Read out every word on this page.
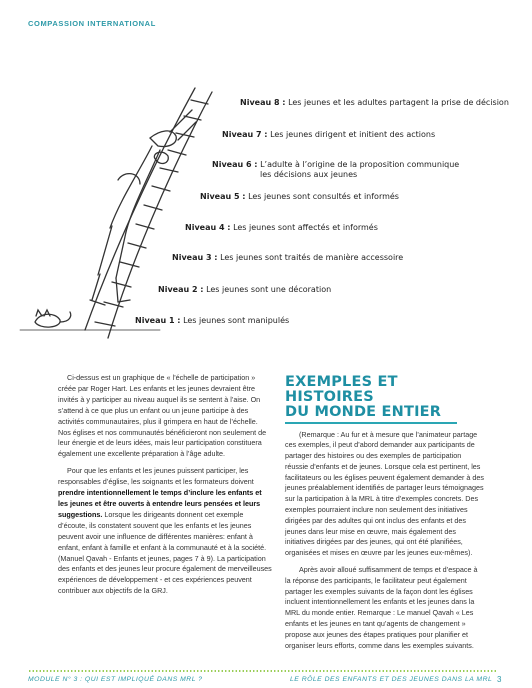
COMPASSION INTERNATIONAL
Niveau 8 : Les jeunes et les adultes partagent la prise de décision
Niveau 7 : Les jeunes dirigent et initient des actions
Niveau 6 : L’adulte à l’origine de la proposition communique
les décisions aux jeunes
Niveau 5 : Les jeunes sont consultés et informés
Niveau 4 : Les jeunes sont affectés et informés
Niveau 3 : Les jeunes sont traités de manière accessoire
Niveau 2 : Les jeunes sont une décoration
Niveau 1 : Les jeunes sont manipulés

Ci-dessus est un graphique de « l’échelle de participation » créée par Roger Hart. Les enfants et les jeunes devraient être invités à y participer au niveau auquel ils se sentent à l’aise. On s’attend à ce que plus un enfant ou un jeune participe à des activités communautaires, plus il grimpera en haut de l’échelle. Nos églises et nos communautés bénéficieront non seulement de leur énergie et de leurs idées, mais leur participation constituera également une excellente préparation à l’âge adulte.

Pour que les enfants et les jeunes puissent participer, les responsables d’église, les soignants et les formateurs doivent prendre intentionnellement le temps d’inclure les enfants et les jeunes et être ouverts à entendre leurs pensées et leurs suggestions. Lorsque les dirigeants donnent cet exemple d’écoute, ils constatent souvent que les enfants et les jeunes peuvent avoir une influence de différentes manières: enfant à enfant, enfant à famille et enfant à la communauté et à la société. (Manuel Qavah - Enfants et jeunes, pages 7 à 9). La participation des enfants et des jeunes leur procure également de merveilleuses expériences de développement - et ces expériences peuvent contribuer aux objectifs de la GRJ.

EXEMPLES ET HISTOIRES
DU MONDE ENTIER

(Remarque : Au fur et à mesure que l’animateur partage ces exemples, il peut d’abord demander aux participants de partager des histoires ou des exemples de participation réussie d’enfants et de jeunes. Lorsque cela est pertinent, les facilitateurs ou les églises peuvent également demander à des jeunes préalablement identifiés de partager leurs témoignages sur la participation à la MRL à titre d’exemples concrets. Des exemples pourraient inclure non seulement des initiatives dirigées par des adultes qui ont inclus des enfants et des jeunes dans leur mise en œuvre, mais également des initiatives dirigées par des jeunes, qui ont été planifiées, organisées et mises en œuvre par les jeunes eux-mêmes).

Après avoir alloué suffisamment de temps et d’espace à la réponse des participants, le facilitateur peut également partager les exemples suivants de la façon dont les églises incluent intentionnellement les enfants et les jeunes dans la MRL du monde entier. Remarque : Le manuel Qavah « Les enfants et les jeunes en tant qu’agents de changement » propose aux jeunes des étapes pratiques pour planifier et organiser leurs efforts, comme dans les exemples suivants.

MODULE N° 3 : QUI EST IMPLIQUÉ DANS MRL ?	LE RÔLE DES ENFANTS ET DES JEUNES DANS LA MRL 3
